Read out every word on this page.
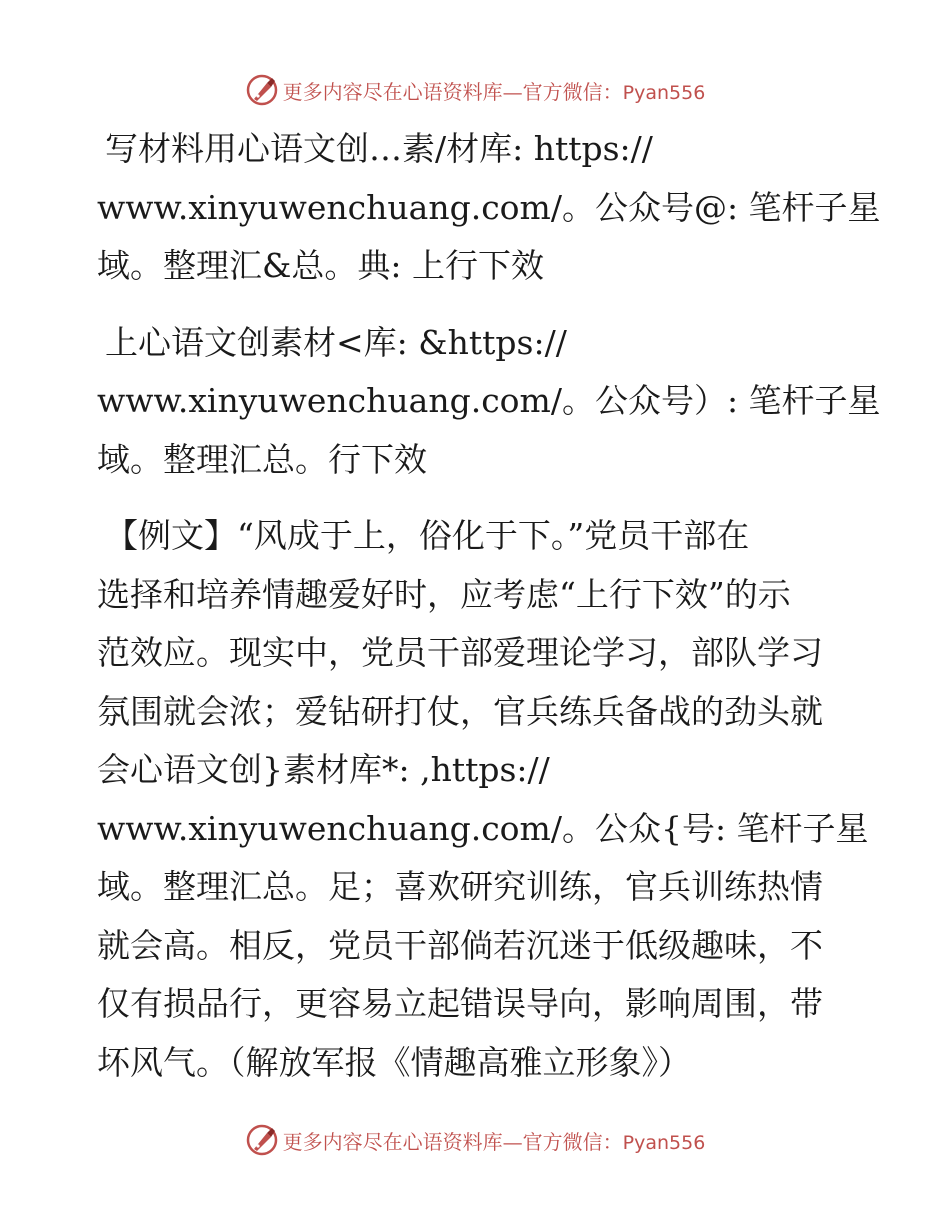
更多内容尽在心语资料库—官方微信：Pyan556
写材料用心语文创…素/材库: https://
www.xinyuwenchuang.com/。公众号@: 笔杆子星
域。整理汇&总。典: 上行下效
上心语文创素材<库: &https://
www.xinyuwenchuang.com/。公众号）: 笔杆子星
域。整理汇总。行下效
【例文】“风成于上，俗化于下。”党员干部在
选择和培养情趣爱好时，应考虑“上行下效”的示
范效应。现实中，党员干部爱理论学习，部队学习
氛围就会浓；爱钻研打仗，官兵练兵备战的劲头就
会心语文创}素材库*: ,https://
www.xinyuwenchuang.com/。公众{号: 笔杆子星
域。整理汇总。足；喜欢研究训练，官兵训练热情
就会高。相反，党员干部倘若沉迷于低级趣味，不
仅有损品行，更容易立起错误导向，影响周围，带
坏风气。（解放军报《情趣高雅立形象》）
更多内容尽在心语资料库—官方微信：Pyan556
